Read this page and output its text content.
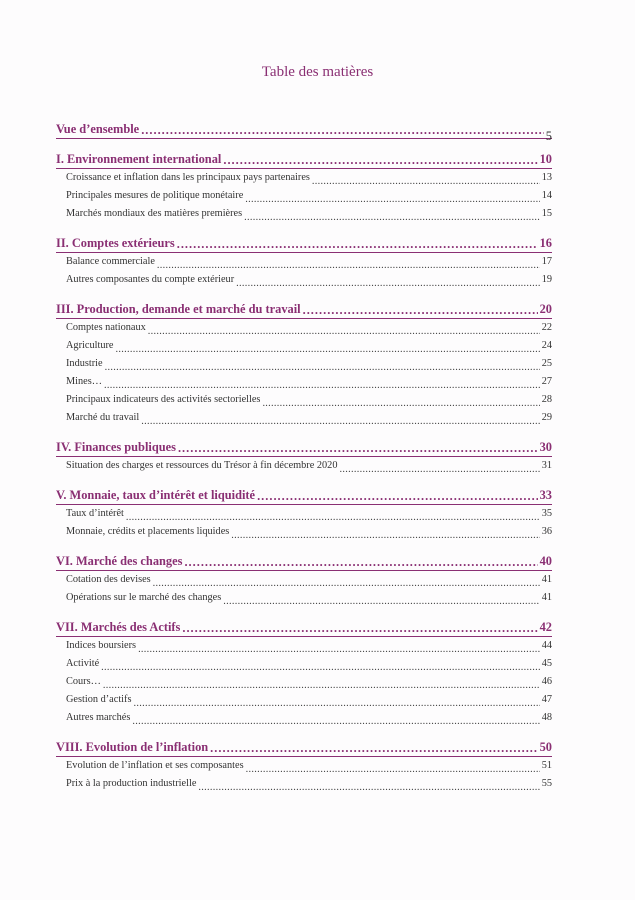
Table des matières
Vue d’ensemble .....	5
I. Environnement international .....	10
Croissance et inflation dans les principaux pays partenaires .....	13
Principales mesures de politique monétaire .....	14
Marchés mondiaux des matières premières .....	15
II. Comptes extérieurs .....	16
Balance commerciale .....	17
Autres composantes du compte extérieur .....	19
III. Production, demande et marché du travail .....	20
Comptes nationaux .....	22
Agriculture .....	24
Industrie .....	25
Mines… .....	27
Principaux indicateurs des activités sectorielles .....	28
Marché du travail .....	29
IV. Finances publiques .....	30
Situation des charges et ressources du Trésor à fin décembre 2020 .....	31
V. Monnaie, taux d’intérêt et liquidité .....	33
Taux d’intérêt .....	35
Monnaie, crédits et placements liquides .....	36
VI. Marché des changes .....	40
Cotation des devises .....	41
Opérations sur le marché des changes .....	41
VII. Marchés des Actifs .....	42
Indices boursiers .....	44
Activité .....	45
Cours… .....	46
Gestion d’actifs .....	47
Autres marchés .....	48
VIII. Evolution de l’inflation .....	50
Evolution de l’inflation et ses composantes .....	51
Prix à la production industrielle .....	55
